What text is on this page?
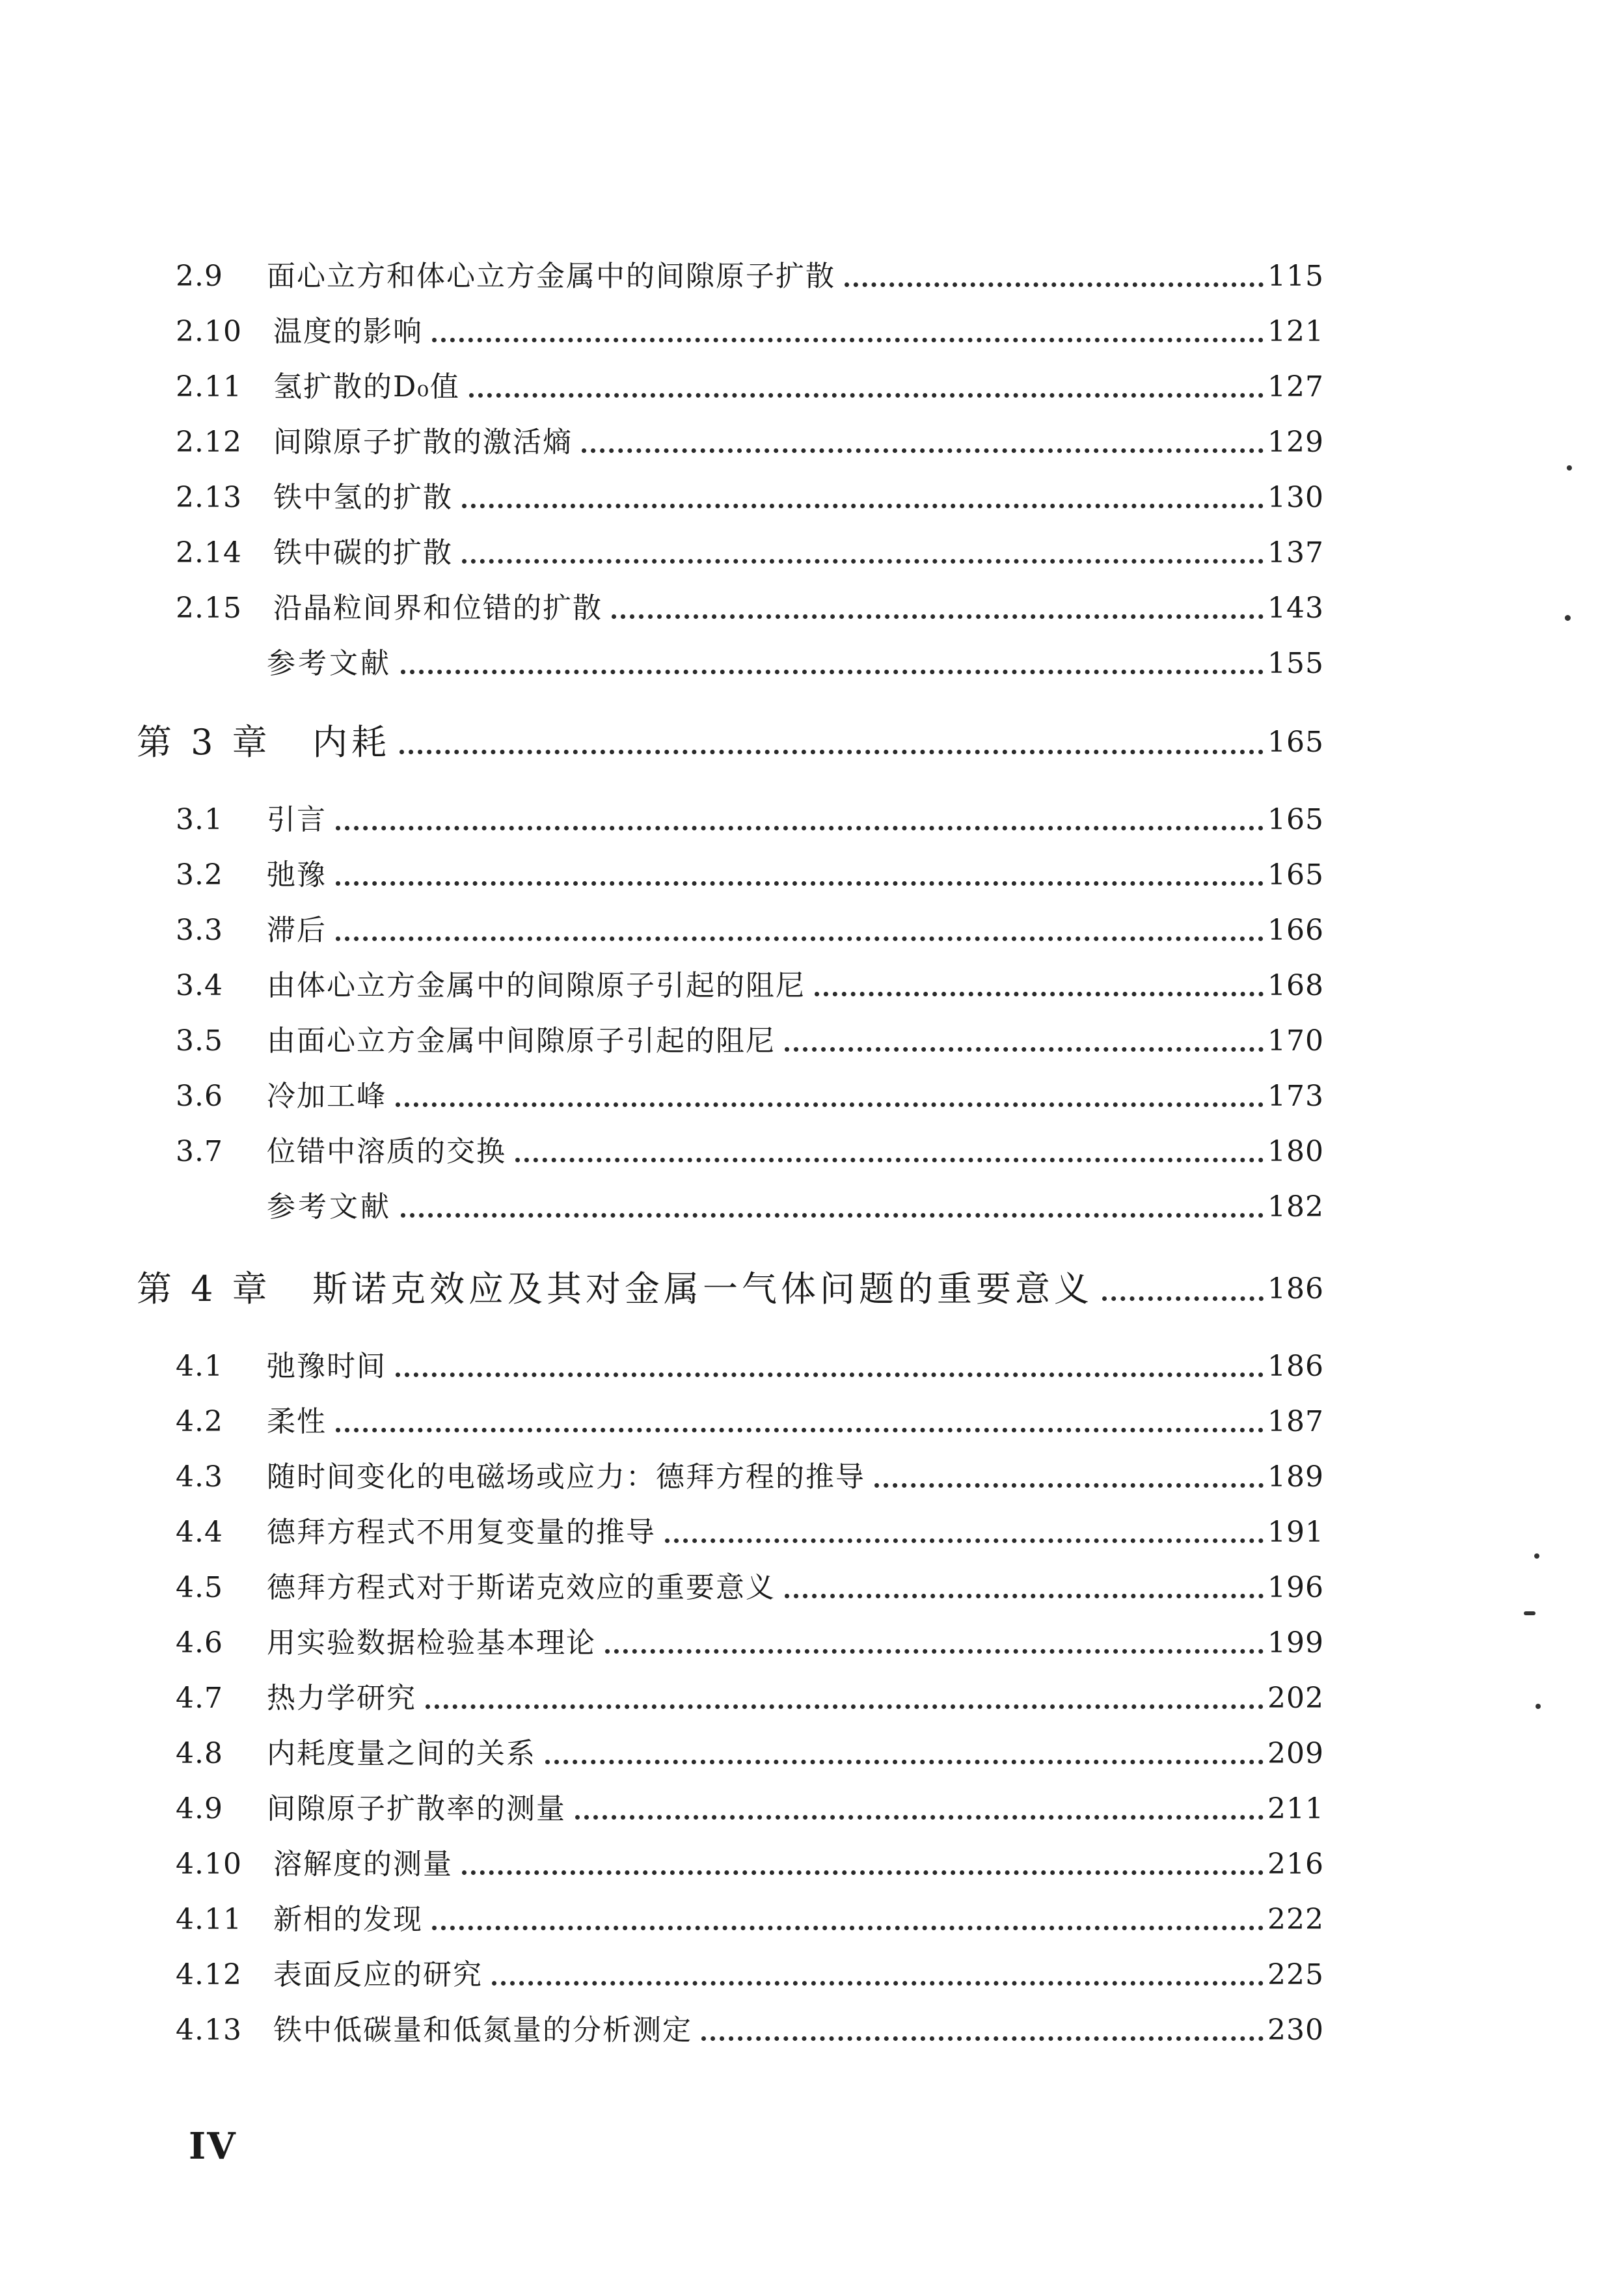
2.9	面心立方和体心立方金属中的间隙原子扩散	115
2.10	温度的影响	121
2.11	氢扩散的D₀值	127
2.12	间隙原子扩散的激活熵	129
2.13	铁中氢的扩散	130
2.14	铁中碳的扩散	137
2.15	沿晶粒间界和位错的扩散	143
参考文献	155
第 3 章	内耗	165
3.1	引言	165
3.2	弛豫	165
3.3	滞后	166
3.4	由体心立方金属中的间隙原子引起的阻尼	168
3.5	由面心立方金属中间隙原子引起的阻尼	170
3.6	冷加工峰	173
3.7	位错中溶质的交换	180
参考文献	182
第 4 章	斯诺克效应及其对金属一气体问题的重要意义	186
4.1	弛豫时间	186
4.2	柔性	187
4.3	随时间变化的电磁场或应力：德拜方程的推导	189
4.4	德拜方程式不用复变量的推导	191
4.5	德拜方程式对于斯诺克效应的重要意义	196
4.6	用实验数据检验基本理论	199
4.7	热力学研究	202
4.8	内耗度量之间的关系	209
4.9	间隙原子扩散率的测量	211
4.10	溶解度的测量	216
4.11	新相的发现	222
4.12	表面反应的研究	225
4.13	铁中低碳量和低氮量的分析测定	230
IV
